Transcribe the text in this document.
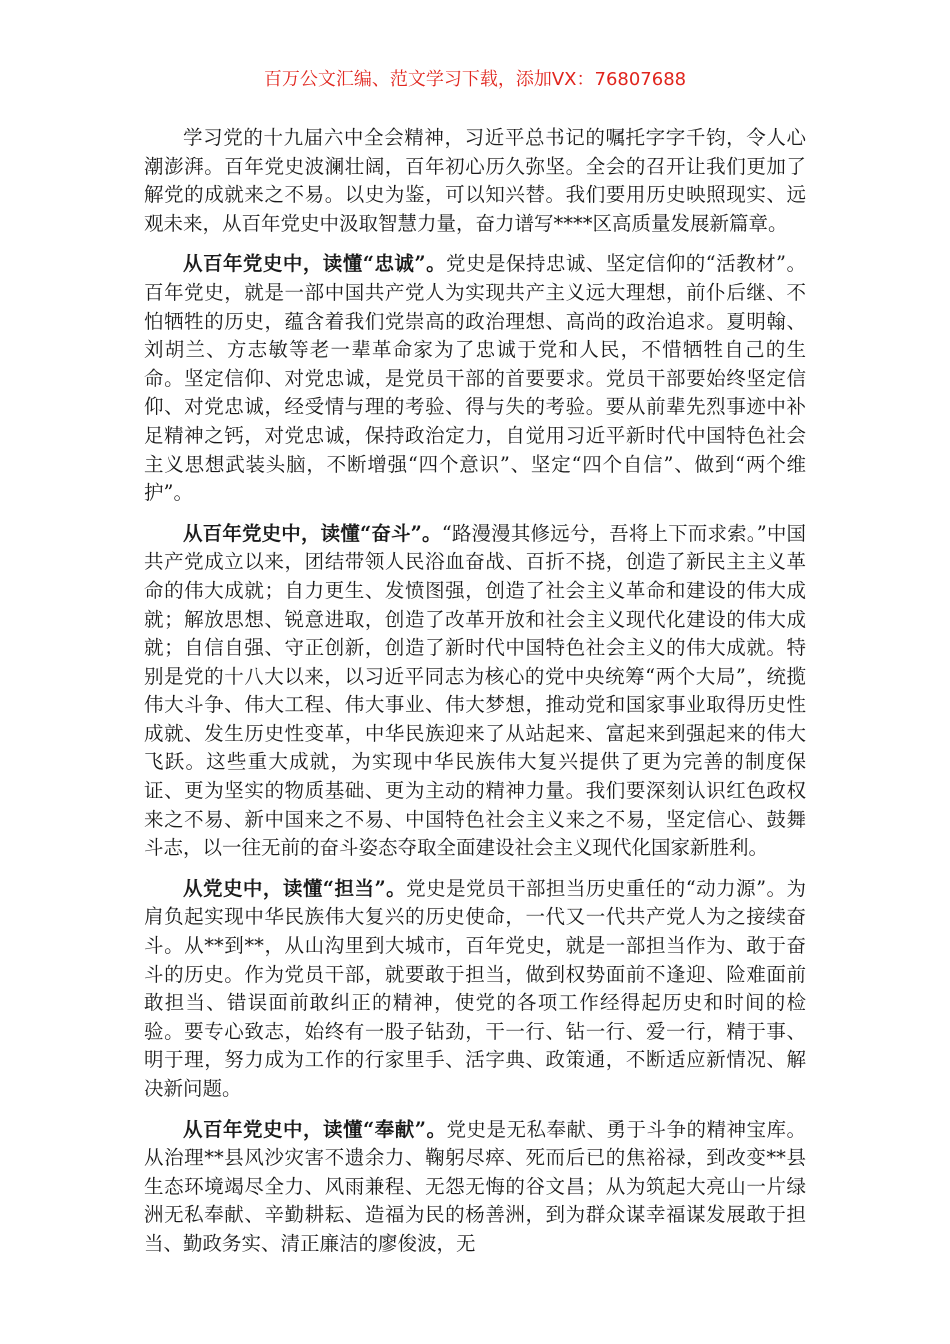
百万公文汇编、范文学习下载，添加VX：76807688

学习党的十九届六中全会精神，习近平总书记的嘱托字字千钧，令人心潮澎湃。百年党史波澜壮阔，百年初心历久弥坚。全会的召开让我们更加了解党的成就来之不易。以史为鉴，可以知兴替。我们要用历史映照现实、远观未来，从百年党史中汲取智慧力量，奋力谱写****区高质量发展新篇章。

从百年党史中，读懂“忠诚”。党史是保持忠诚、坚定信仰的“活教材”。百年党史，就是一部中国共产党人为实现共产主义远大理想，前仆后继、不怕牺牲的历史，蕴含着我们党崇高的政治理想、高尚的政治追求。夏明翰、刘胡兰、方志敏等老一辈革命家为了忠诚于党和人民，不惜牺牲自己的生命。坚定信仰、对党忠诚，是党员干部的首要要求。党员干部要始终坚定信仰、对党忠诚，经受情与理的考验、得与失的考验。要从前辈先烈事迹中补足精神之钙，对党忠诚，保持政治定力，自觉用习近平新时代中国特色社会主义思想武装头脑，不断增强“四个意识”、坚定“四个自信”、做到“两个维护”。

从百年党史中，读懂“奋斗”。“路漫漫其修远兮，吾将上下而求索。”中国共产党成立以来，团结带领人民浴血奋战、百折不挠，创造了新民主主义革命的伟大成就；自力更生、发愤图强，创造了社会主义革命和建设的伟大成就；解放思想、锐意进取，创造了改革开放和社会主义现代化建设的伟大成就；自信自强、守正创新，创造了新时代中国特色社会主义的伟大成就。特别是党的十八大以来，以习近平同志为核心的党中央统筹“两个大局”，统揽伟大斗争、伟大工程、伟大事业、伟大梦想，推动党和国家事业取得历史性成就、发生历史性变革，中华民族迎来了从站起来、富起来到强起来的伟大飞跃。这些重大成就，为实现中华民族伟大复兴提供了更为完善的制度保证、更为坚实的物质基础、更为主动的精神力量。我们要深刻认识红色政权来之不易、新中国来之不易、中国特色社会主义来之不易，坚定信心、鼓舞斗志，以一往无前的奋斗姿态夺取全面建设社会主义现代化国家新胜利。

从党史中，读懂“担当”。党史是党员干部担当历史重任的“动力源”。为肩负起实现中华民族伟大复兴的历史使命，一代又一代共产党人为之接续奋斗。从**到**，从山沟里到大城市，百年党史，就是一部担当作为、敢于奋斗的历史。作为党员干部，就要敢于担当，做到权势面前不逢迎、险难面前敢担当、错误面前敢纠正的精神，使党的各项工作经得起历史和时间的检验。要专心致志，始终有一股子钻劲，干一行、钻一行、爱一行，精于事、明于理，努力成为工作的行家里手、活字典、政策通，不断适应新情况、解决新问题。

从百年党史中，读懂“奉献”。党史是无私奉献、勇于斗争的精神宝库。从治理**县风沙灾害不遗余力、鞠躬尽瘁、死而后已的焦裕禄，到改变**县生态环境竭尽全力、风雨兼程、无怨无悔的谷文昌；从为筑起大亮山一片绿洲无私奉献、辛勤耕耘、造福为民的杨善洲，到为群众谋幸福谋发展敢于担当、勤政务实、清正廉洁的廖俊波，无
